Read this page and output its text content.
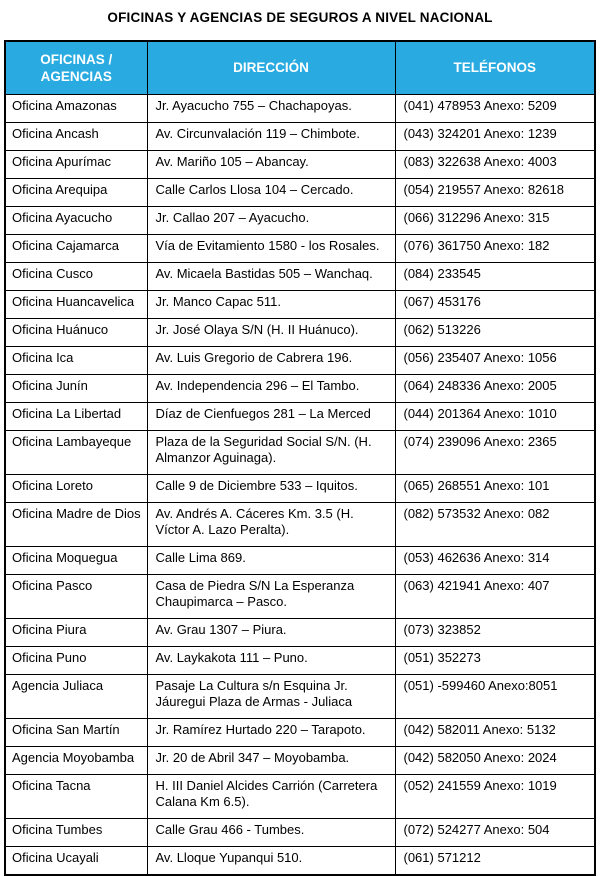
OFICINAS Y AGENCIAS DE SEGUROS A NIVEL NACIONAL
OFICINAS / AGENCIAS	DIRECCIÓN	TELÉFONOS
Oficina Amazonas	Jr. Ayacucho 755 – Chachapoyas.	(041) 478953 Anexo: 5209
Oficina Ancash	Av. Circunvalación 119 – Chimbote.	(043) 324201 Anexo: 1239
Oficina Apurímac	Av. Mariño 105 – Abancay.	(083) 322638 Anexo: 4003
Oficina Arequipa	Calle Carlos Llosa 104 – Cercado.	(054) 219557 Anexo: 82618
Oficina Ayacucho	Jr. Callao 207 – Ayacucho.	(066) 312296 Anexo: 315
Oficina Cajamarca	Vía de Evitamiento 1580 - los Rosales.	(076) 361750 Anexo: 182
Oficina Cusco	Av. Micaela Bastidas 505 – Wanchaq.	(084) 233545
Oficina Huancavelica	Jr. Manco Capac 511.	(067) 453176
Oficina Huánuco	Jr. José Olaya S/N (H. II Huánuco).	(062) 513226
Oficina Ica	Av. Luis Gregorio de Cabrera 196.	(056) 235407 Anexo: 1056
Oficina Junín	Av. Independencia 296 – El Tambo.	(064) 248336 Anexo: 2005
Oficina La Libertad	Díaz de Cienfuegos 281 – La Merced	(044) 201364 Anexo: 1010
Oficina Lambayeque	Plaza de la Seguridad Social S/N. (H. Almanzor Aguinaga).	(074) 239096 Anexo: 2365
Oficina Loreto	Calle 9 de Diciembre 533 – Iquitos.	(065) 268551 Anexo: 101
Oficina Madre de Dios	Av. Andrés A. Cáceres Km. 3.5 (H. Víctor A. Lazo Peralta).	(082) 573532 Anexo: 082
Oficina Moquegua	Calle Lima 869.	(053) 462636 Anexo: 314
Oficina Pasco	Casa de Piedra S/N La Esperanza Chaupimarca – Pasco.	(063) 421941 Anexo: 407
Oficina Piura	Av. Grau 1307 – Piura.	(073) 323852
Oficina Puno	Av. Laykakota 111 – Puno.	(051) 352273
Agencia Juliaca	Pasaje La Cultura s/n Esquina Jr. Jáuregui Plaza de Armas - Juliaca	(051) -599460 Anexo:8051
Oficina San Martín	Jr. Ramírez Hurtado 220 – Tarapoto.	(042) 582011 Anexo: 5132
Agencia Moyobamba	Jr. 20 de Abril 347 – Moyobamba.	(042) 582050 Anexo: 2024
Oficina Tacna	H. III Daniel Alcides Carrión (Carretera Calana Km 6.5).	(052) 241559 Anexo: 1019
Oficina Tumbes	Calle Grau 466 - Tumbes.	(072) 524277 Anexo: 504
Oficina Ucayali	Av. Lloque Yupanqui 510.	(061) 571212
